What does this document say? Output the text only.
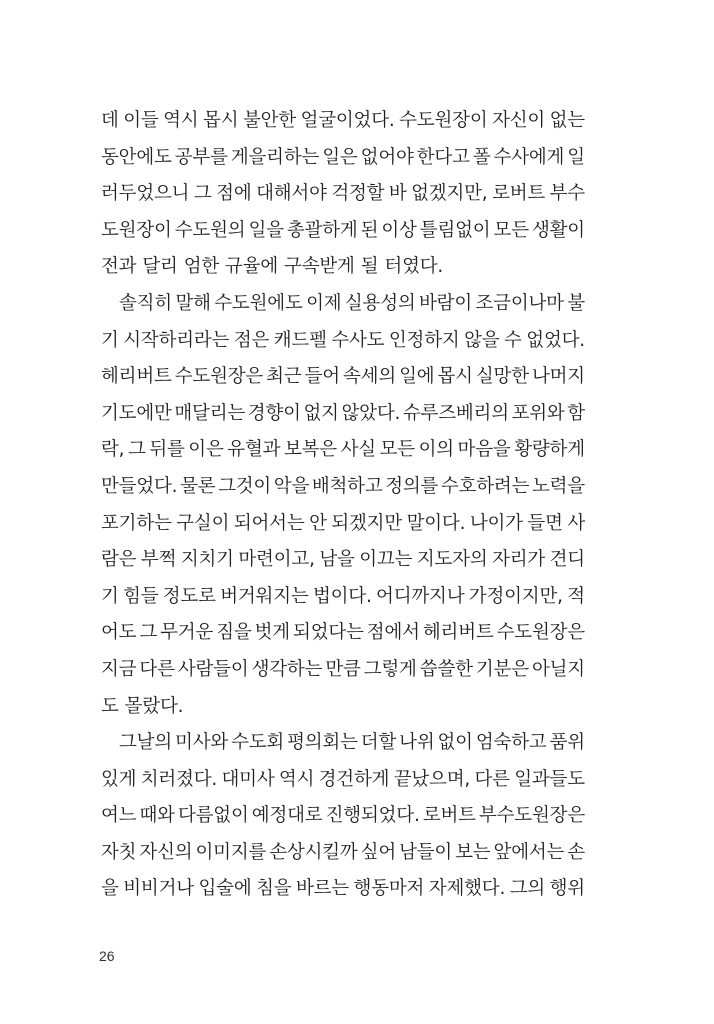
데 이들 역시 몹시 불안한 얼굴이었다. 수도원장이 자신이 없는
동안에도 공부를 게을리하는 일은 없어야 한다고 폴 수사에게 일
러두었으니 그 점에 대해서야 걱정할 바 없겠지만, 로버트 부수
도원장이 수도원의 일을 총괄하게 된 이상 틀림없이 모든 생활이
전과 달리 엄한 규율에 구속받게 될 터였다.
솔직히 말해 수도원에도 이제 실용성의 바람이 조금이나마 불
기 시작하리라는 점은 캐드펠 수사도 인정하지 않을 수 없었다.
헤리버트 수도원장은 최근 들어 속세의 일에 몹시 실망한 나머지
기도에만 매달리는 경향이 없지 않았다. 슈루즈베리의 포위와 함
락, 그 뒤를 이은 유혈과 보복은 사실 모든 이의 마음을 황량하게
만들었다. 물론 그것이 악을 배척하고 정의를 수호하려는 노력을
포기하는 구실이 되어서는 안 되겠지만 말이다. 나이가 들면 사
람은 부쩍 지치기 마련이고, 남을 이끄는 지도자의 자리가 견디
기 힘들 정도로 버거워지는 법이다. 어디까지나 가정이지만, 적
어도 그 무거운 짐을 벗게 되었다는 점에서 헤리버트 수도원장은
지금 다른 사람들이 생각하는 만큼 그렇게 씁쓸한 기분은 아닐지
도 몰랐다.
그날의 미사와 수도회 평의회는 더할 나위 없이 엄숙하고 품위
있게 치러졌다. 대미사 역시 경건하게 끝났으며, 다른 일과들도
여느 때와 다름없이 예정대로 진행되었다. 로버트 부수도원장은
자칫 자신의 이미지를 손상시킬까 싶어 남들이 보는 앞에서는 손
을 비비거나 입술에 침을 바르는 행동마저 자제했다. 그의 행위
26
